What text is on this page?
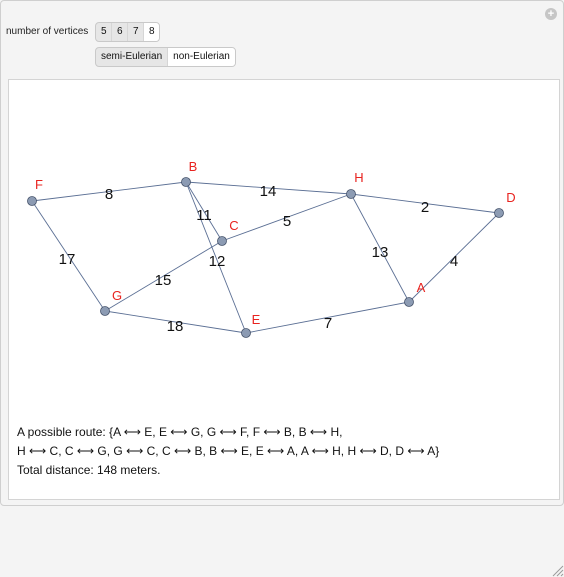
+
number of vertices	5	6	7	8
semi-Eulerian	non-Eulerian
8	14
2
11	5
17	12
15
13
4
18	7
F
B
C
H
D
G
E
A
A possible route: {A ⟷ E, E ⟷ G, G ⟷ F, F ⟷ B, B ⟷ H,
H ⟷ C, C ⟷ G, G ⟷ C, C ⟷ B, B ⟷ E, E ⟷ A, A ⟷ H, H ⟷ D, D ⟷ A}
Total distance: 148 meters.
